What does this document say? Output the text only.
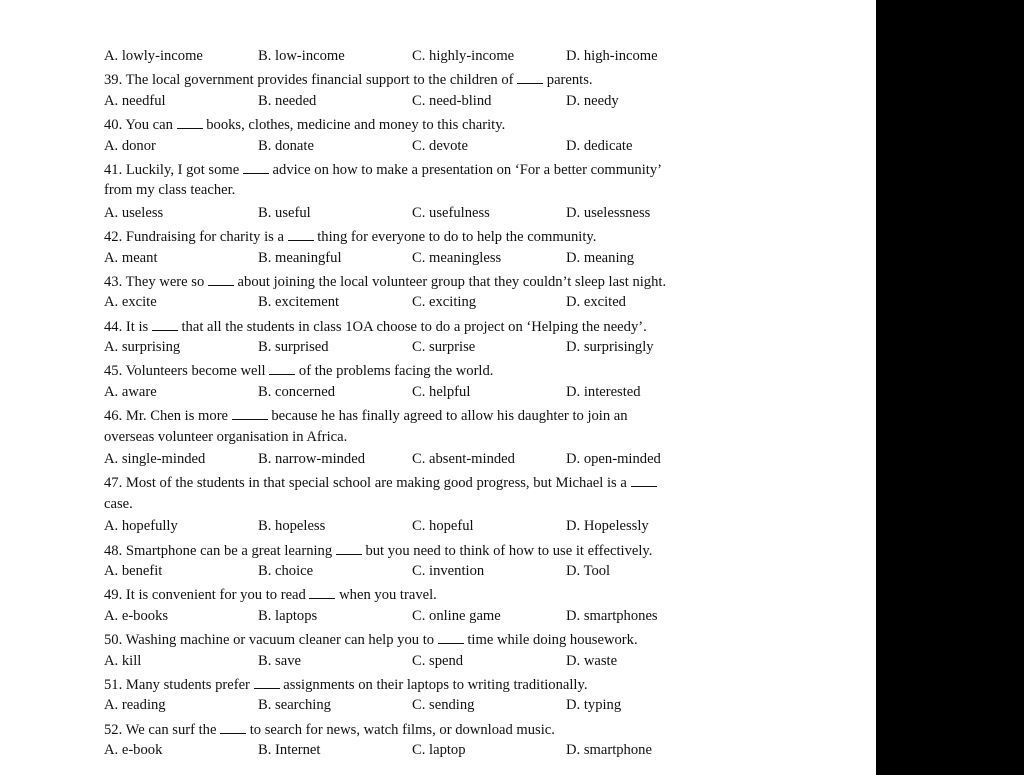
A. lowly-income	B. low-income	C. highly-income	D. high-income
39. The local government provides financial support to the children of  parents.
A. needful	B. needed	C. need-blind	D. needy
40. You can  books, clothes, medicine and money to this charity.
A. donor	B. donate	C. devote	D. dedicate
41. Luckily, I got some  advice on how to make a presentation on ‘For a better community’
from my class teacher.
A. useless	B. useful	C. usefulness	D. uselessness
42. Fundraising for charity is a  thing for everyone to do to help the community.
A. meant	B. meaningful	C. meaningless	D. meaning
43. They were so  about joining the local volunteer group that they couldn’t sleep last night.
A. excite	B. excitement	C. exciting	D. excited
44. It is  that all the students in class 1OA choose to do a project on ‘Helping the needy’.
A. surprising	B. surprised	C. surprise	D. surprisingly
45. Volunteers become well  of the problems facing the world.
A. aware	B. concerned	C. helpful	D. interested
46. Mr. Chen is more  because he has finally agreed to allow his daughter to join an
overseas volunteer organisation in Africa.
A. single-minded	B. narrow-minded	C. absent-minded	D. open-minded
47. Most of the students in that special school are making good progress, but Michael is a
case.
A. hopefully	B. hopeless	C. hopeful	D. Hopelessly
48. Smartphone can be a great learning  but you need to think of how to use it effectively.
A. benefit	B. choice	C. invention	D. Tool
49. It is convenient for you to read  when you travel.
A. e-books	B. laptops	C. online game	D. smartphones
50. Washing machine or vacuum cleaner can help you to  time while doing housework.
A. kill	B. save	C. spend	D. waste
51. Many students prefer  assignments on their laptops to writing traditionally.
A. reading	B. searching	C. sending	D. typing
52. We can surf the  to search for news, watch films, or download music.
A. e-book	B. Internet	C. laptop	D. smartphone
